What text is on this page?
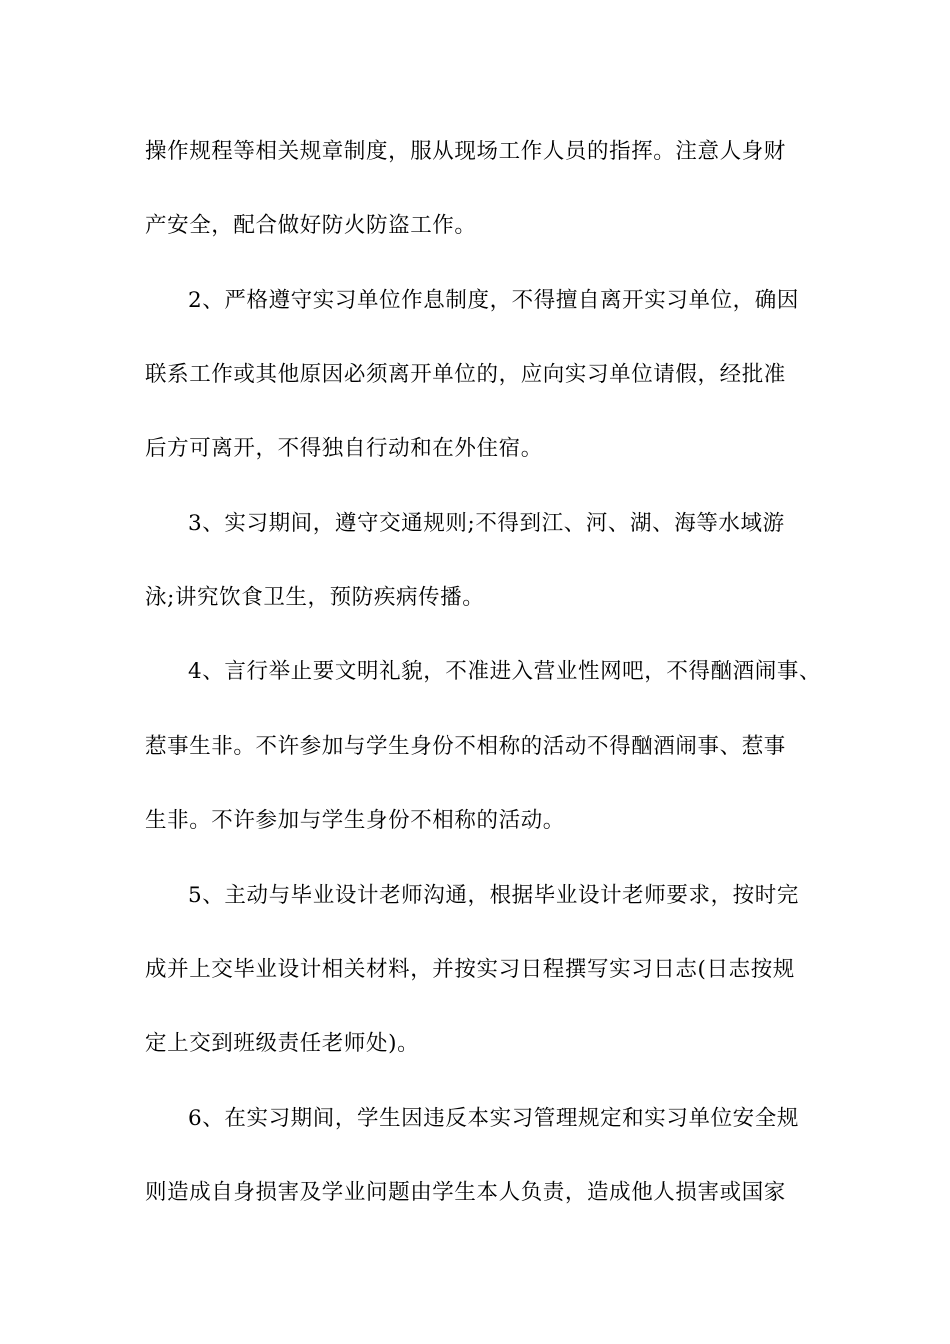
操作规程等相关规章制度，服从现场工作人员的指挥。注意人身财
产安全，配合做好防火防盗工作。
2、严格遵守实习单位作息制度，不得擅自离开实习单位，确因
联系工作或其他原因必须离开单位的，应向实习单位请假，经批准
后方可离开，不得独自行动和在外住宿。
3、实习期间，遵守交通规则;不得到江、河、湖、海等水域游
泳;讲究饮食卫生，预防疾病传播。
4、言行举止要文明礼貌，不准进入营业性网吧，不得酗酒闹事、
惹事生非。不许参加与学生身份不相称的活动不得酗酒闹事、惹事
生非。不许参加与学生身份不相称的活动。
5、主动与毕业设计老师沟通，根据毕业设计老师要求，按时完
成并上交毕业设计相关材料，并按实习日程撰写实习日志(日志按规
定上交到班级责任老师处)。
6、在实习期间，学生因违反本实习管理规定和实习单位安全规
则造成自身损害及学业问题由学生本人负责，造成他人损害或国家
